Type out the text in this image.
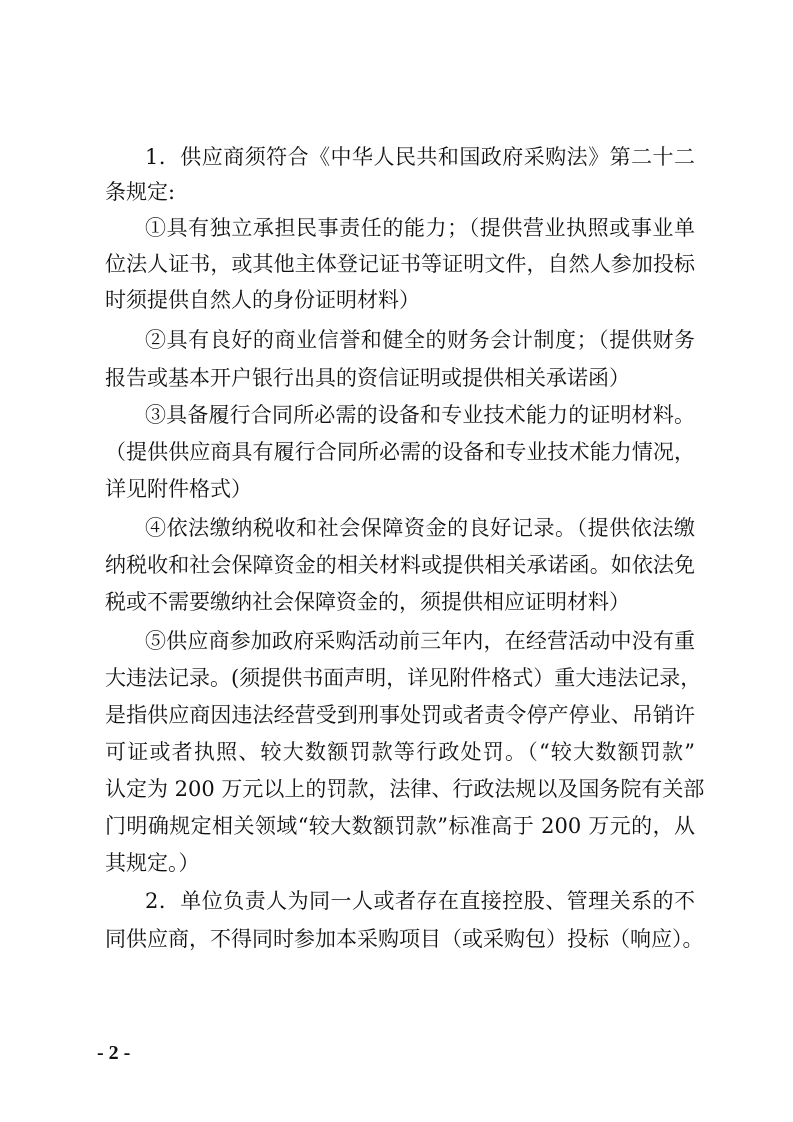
1．供应商须符合《中华人民共和国政府采购法》第二十二
条规定:
①具有独立承担民事责任的能力；（提供营业执照或事业单
位法人证书，或其他主体登记证书等证明文件，自然人参加投标
时须提供自然人的身份证明材料）
②具有良好的商业信誉和健全的财务会计制度；（提供财务
报告或基本开户银行出具的资信证明或提供相关承诺函）
③具备履行合同所必需的设备和专业技术能力的证明材料。
（提供供应商具有履行合同所必需的设备和专业技术能力情况，
详见附件格式）
④依法缴纳税收和社会保障资金的良好记录。（提供依法缴
纳税收和社会保障资金的相关材料或提供相关承诺函。如依法免
税或不需要缴纳社会保障资金的，须提供相应证明材料）
⑤供应商参加政府采购活动前三年内，在经营活动中没有重
大违法记录。(须提供书面声明，详见附件格式）重大违法记录，
是指供应商因违法经营受到刑事处罚或者责令停产停业、吊销许
可证或者执照、较大数额罚款等行政处罚。（“较大数额罚款”
认定为 200 万元以上的罚款，法律、行政法规以及国务院有关部
门明确规定相关领域“较大数额罚款”标准高于 200 万元的，从
其规定。）
2．单位负责人为同一人或者存在直接控股、管理关系的不
同供应商，不得同时参加本采购项目（或采购包）投标（响应）。
- 2 -
